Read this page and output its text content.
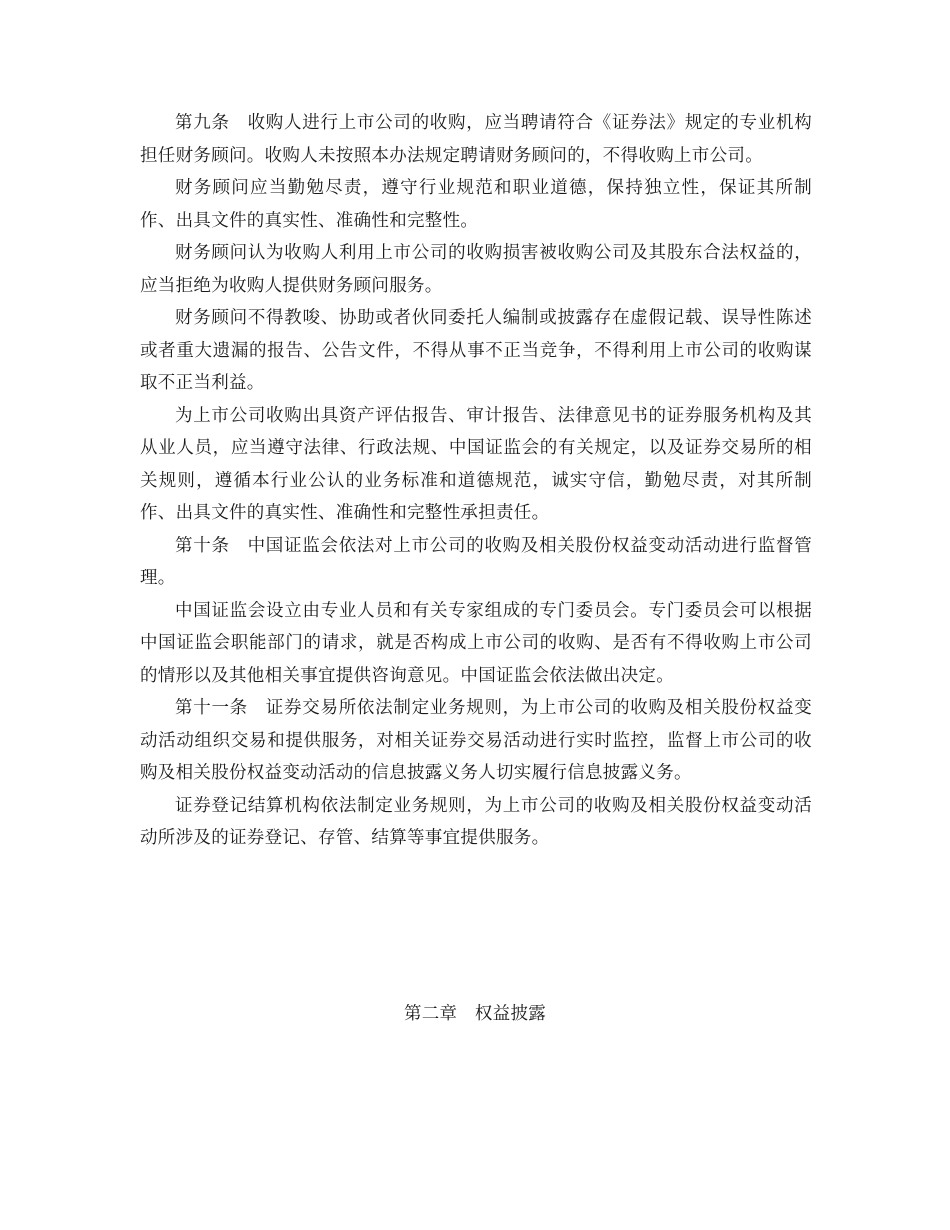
第九条 收购人进行上市公司的收购，应当聘请符合《证券法》规定的专业机构担任财务顾问。收购人未按照本办法规定聘请财务顾问的，不得收购上市公司。

财务顾问应当勤勉尽责，遵守行业规范和职业道德，保持独立性，保证其所制作、出具文件的真实性、准确性和完整性。

财务顾问认为收购人利用上市公司的收购损害被收购公司及其股东合法权益的，应当拒绝为收购人提供财务顾问服务。

财务顾问不得教唆、协助或者伙同委托人编制或披露存在虚假记载、误导性陈述或者重大遗漏的报告、公告文件，不得从事不正当竞争，不得利用上市公司的收购谋取不正当利益。

为上市公司收购出具资产评估报告、审计报告、法律意见书的证券服务机构及其从业人员，应当遵守法律、行政法规、中国证监会的有关规定，以及证券交易所的相关规则，遵循本行业公认的业务标准和道德规范，诚实守信，勤勉尽责，对其所制作、出具文件的真实性、准确性和完整性承担责任。

第十条 中国证监会依法对上市公司的收购及相关股份权益变动活动进行监督管理。

中国证监会设立由专业人员和有关专家组成的专门委员会。专门委员会可以根据中国证监会职能部门的请求，就是否构成上市公司的收购、是否有不得收购上市公司的情形以及其他相关事宜提供咨询意见。中国证监会依法做出决定。

第十一条 证券交易所依法制定业务规则，为上市公司的收购及相关股份权益变动活动组织交易和提供服务，对相关证券交易活动进行实时监控，监督上市公司的收购及相关股份权益变动活动的信息披露义务人切实履行信息披露义务。

证券登记结算机构依法制定业务规则，为上市公司的收购及相关股份权益变动活动所涉及的证券登记、存管、结算等事宜提供服务。

第二章 权益披露
